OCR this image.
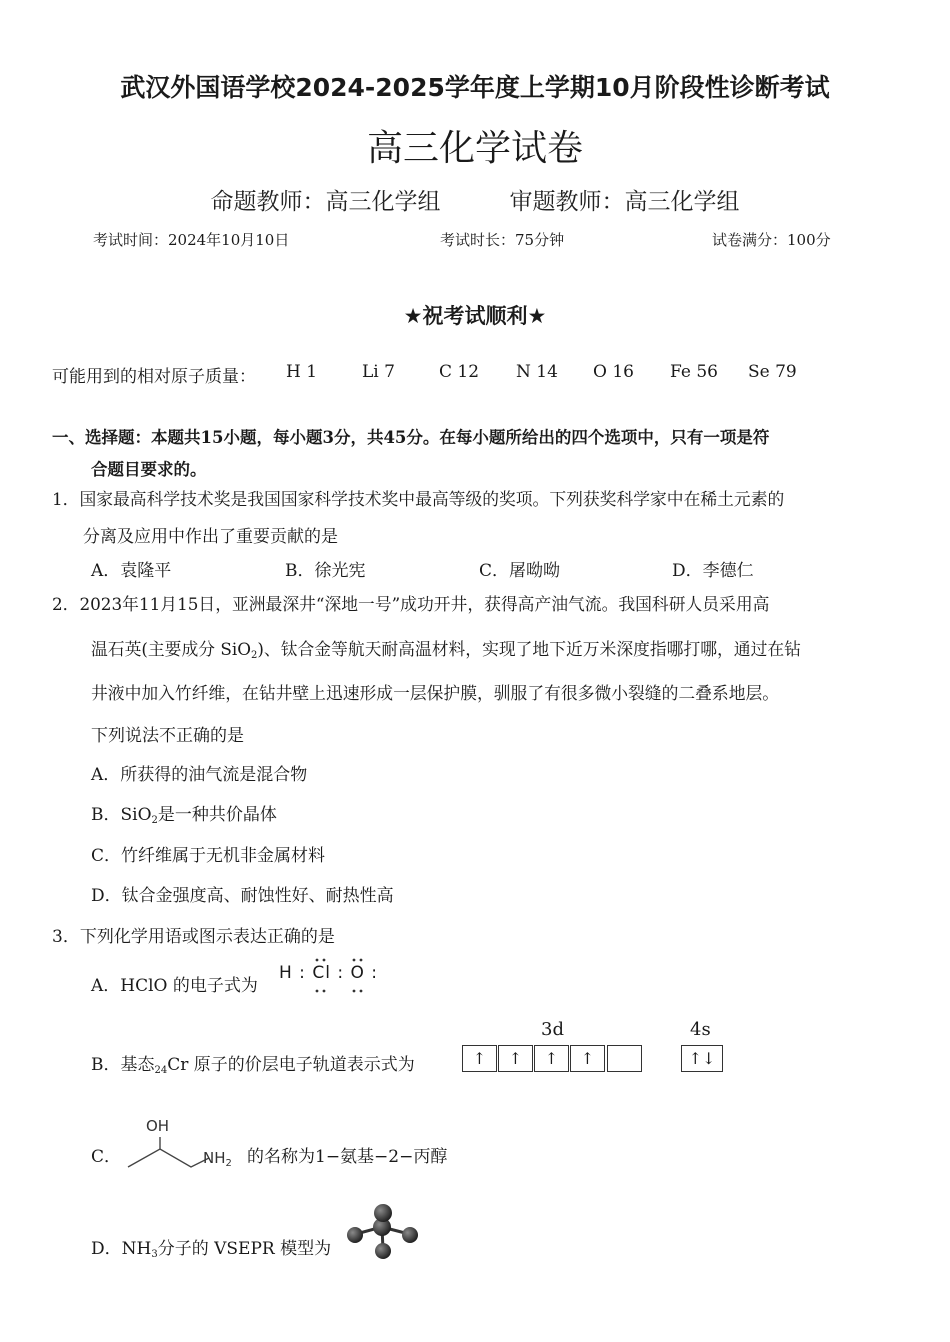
武汉外国语学校2024-2025学年度上学期10月阶段性诊断考试
高三化学试卷
命题教师：高三化学组　　　审题教师：高三化学组
考试时间：2024年10月10日	考试时长：75分钟	试卷满分：100分
★祝考试顺利★
可能用到的相对原子质量： H 1	Li 7	C 12 N 14 O 16 Fe 56 Se 79
一、选择题：本题共15小题，每小题3分，共45分。在每小题所给出的四个选项中，只有一项是符
合题目要求的。
1．国家最高科学技术奖是我国国家科学技术奖中最高等级的奖项。下列获奖科学家中在稀土元素的
分离及应用中作出了重要贡献的是
A．袁隆平	B．徐光宪	C．屠呦呦	D．李德仁
2．2023年11月15日，亚洲最深井“深地一号”成功开井，获得高产油气流。我国科研人员采用高
温石英(主要成分 SiO$_2$)、钛合金等航天耐高温材料，实现了地下近万米深度指哪打哪，通过在钻
井液中加入竹纤维，在钻井壁上迅速形成一层保护膜，驯服了有很多微小裂缝的二叠系地层。
下列说法不正确的是
A．所获得的油气流是混合物
B．SiO$_2$是一种共价晶体
C．竹纤维属于无机非金属材料
D．钛合金强度高、耐蚀性好、耐热性高
3．下列化学用语或图示表达正确的是
A．HClO 的电子式为
H : Cl : O :
B．基态24Cr 原子的价层电子轨道表示式为
3d	4s
↑	↑	↑	↑	↑↓
C．
OH
$NH_2$ 的名称为1−氨基−2−丙醇
D．$NH_3$分子的 VSEPR 模型为
